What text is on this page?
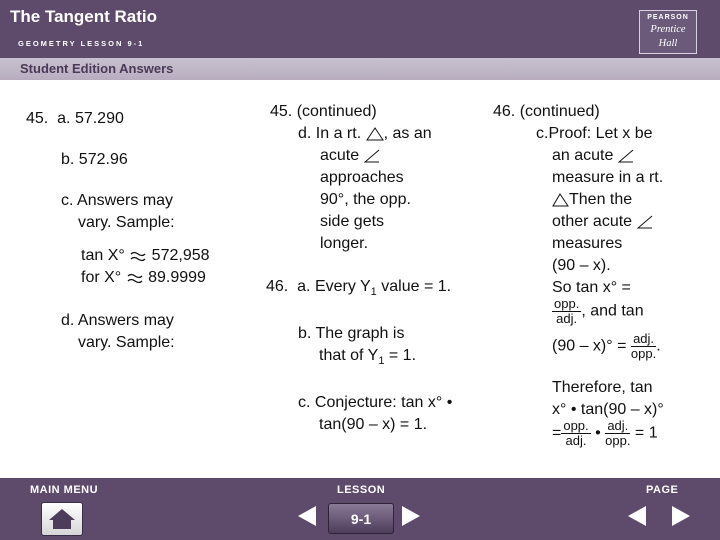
The Tangent Ratio
GEOMETRY LESSON 9-1
PEARSON
Prentice
Hall
Student Edition Answers
45. a. 57.290
b. 572.96
c. Answers may
vary. Sample:
tan X° 572,958
for X° 89.9999
d. Answers may
vary. Sample:
45. (continued)
d. In a rt. , as an
acute
approaches
90°, the opp.
side gets
longer.
46. a. Every $Y_1$ value = 1.
b. The graph is
that of $Y_1 = 1$.
c. Conjecture: tan x° •
tan(90 – x) = 1.
46. (continued)
c.Proof: Let x be
an acute
measure in a rt.
Then the
other acute
measures
(90 – x).
So tan x° =
$\frac{\text{opp.}}{\text{adj.}}$ , and tan
$(90 - x)^\circ = \frac{\text{adj.}}{\text{opp.}}$ .
Therefore, tan
x° • tan(90 – x)°
= $\frac{\text{opp.}}{\text{adj.}}$ • $\frac{\text{adj.}}{\text{opp.}} = 1$
MAIN MENU	LESSON	PAGE
9-1
